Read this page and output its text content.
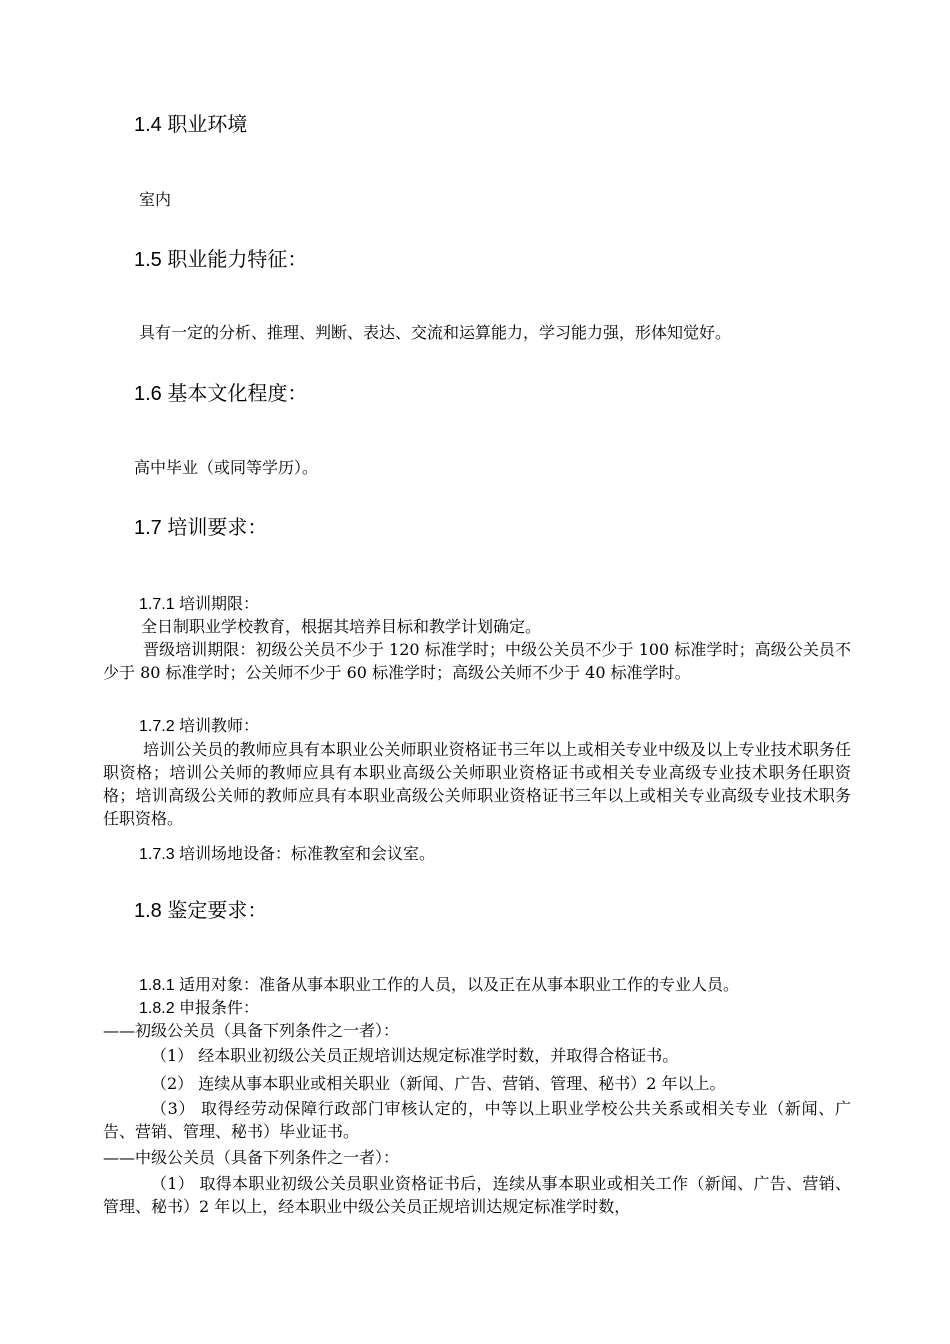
1.4 职业环境
室内
1.5 职业能力特征：
具有一定的分析、推理、判断、表达、交流和运算能力，学习能力强，形体知觉好。
1.6 基本文化程度：
高中毕业（或同等学历）。
1.7 培训要求：
1.7.1 培训期限：
全日制职业学校教育，根据其培养目标和教学计划确定。
晋级培训期限：初级公关员不少于 120 标准学时；中级公关员不少于 100 标准学时；高级公关员不少于 80 标准学时；公关师不少于 60 标准学时；高级公关师不少于 40 标准学时。
1.7.2 培训教师：
培训公关员的教师应具有本职业公关师职业资格证书三年以上或相关专业中级及以上专业技术职务任职资格；培训公关师的教师应具有本职业高级公关师职业资格证书或相关专业高级专业技术职务任职资格；培训高级公关师的教师应具有本职业高级公关师职业资格证书三年以上或相关专业高级专业技术职务任职资格。
1.7.3 培训场地设备：标准教室和会议室。
1.8 鉴定要求：
1.8.1 适用对象：准备从事本职业工作的人员，以及正在从事本职业工作的专业人员。
1.8.2 申报条件：
——初级公关员（具备下列条件之一者）：
（1） 经本职业初级公关员正规培训达规定标准学时数，并取得合格证书。
（2） 连续从事本职业或相关职业（新闻、广告、营销、管理、秘书）2 年以上。
（3） 取得经劳动保障行政部门审核认定的，中等以上职业学校公共关系或相关专业（新闻、广告、营销、管理、秘书）毕业证书。
——中级公关员（具备下列条件之一者）：
（1） 取得本职业初级公关员职业资格证书后，连续从事本职业或相关工作（新闻、广告、营销、管理、秘书）2 年以上，经本职业中级公关员正规培训达规定标准学时数，
